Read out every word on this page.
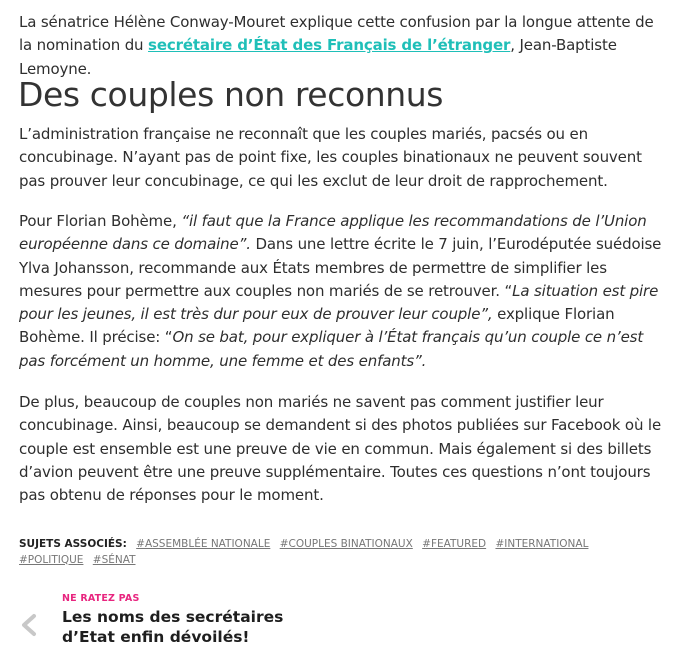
La sénatrice Hélène Conway-Mouret explique cette confusion par la longue attente de la nomination du secrétaire d’État des Français de l’étranger, Jean-Baptiste Lemoyne.

Des couples non reconnus

L’administration française ne reconnaît que les couples mariés, pacsés ou en concubinage. N’ayant pas de point fixe, les couples binationaux ne peuvent souvent pas prouver leur concubinage, ce qui les exclut de leur droit de rapprochement.

Pour Florian Bohème, “il faut que la France applique les recommandations de l’Union européenne dans ce domaine”. Dans une lettre écrite le 7 juin, l’Eurodéputée suédoise Ylva Johansson, recommande aux États membres de permettre de simplifier les mesures pour permettre aux couples non mariés de se retrouver. “La situation est pire pour les jeunes, il est très dur pour eux de prouver leur couple”, explique Florian Bohème. Il précise: “On se bat, pour expliquer à l’État français qu’un couple ce n’est pas forcément un homme, une femme et des enfants”.

De plus, beaucoup de couples non mariés ne savent pas comment justifier leur concubinage. Ainsi, beaucoup se demandent si des photos publiées sur Facebook où le couple est ensemble est une preuve de vie en commun. Mais également si des billets d’avion peuvent être une preuve supplémentaire. Toutes ces questions n’ont toujours pas obtenu de réponses pour le moment.

SUJETS ASSOCIÉS: #ASSEMBLÉE NATIONALE #COUPLES BINATIONAUX #FEATURED #INTERNATIONAL #POLITIQUE #SÉNAT
NE RATEZ PAS
Les noms des secrétaires d’Etat enfin dévoilés!
